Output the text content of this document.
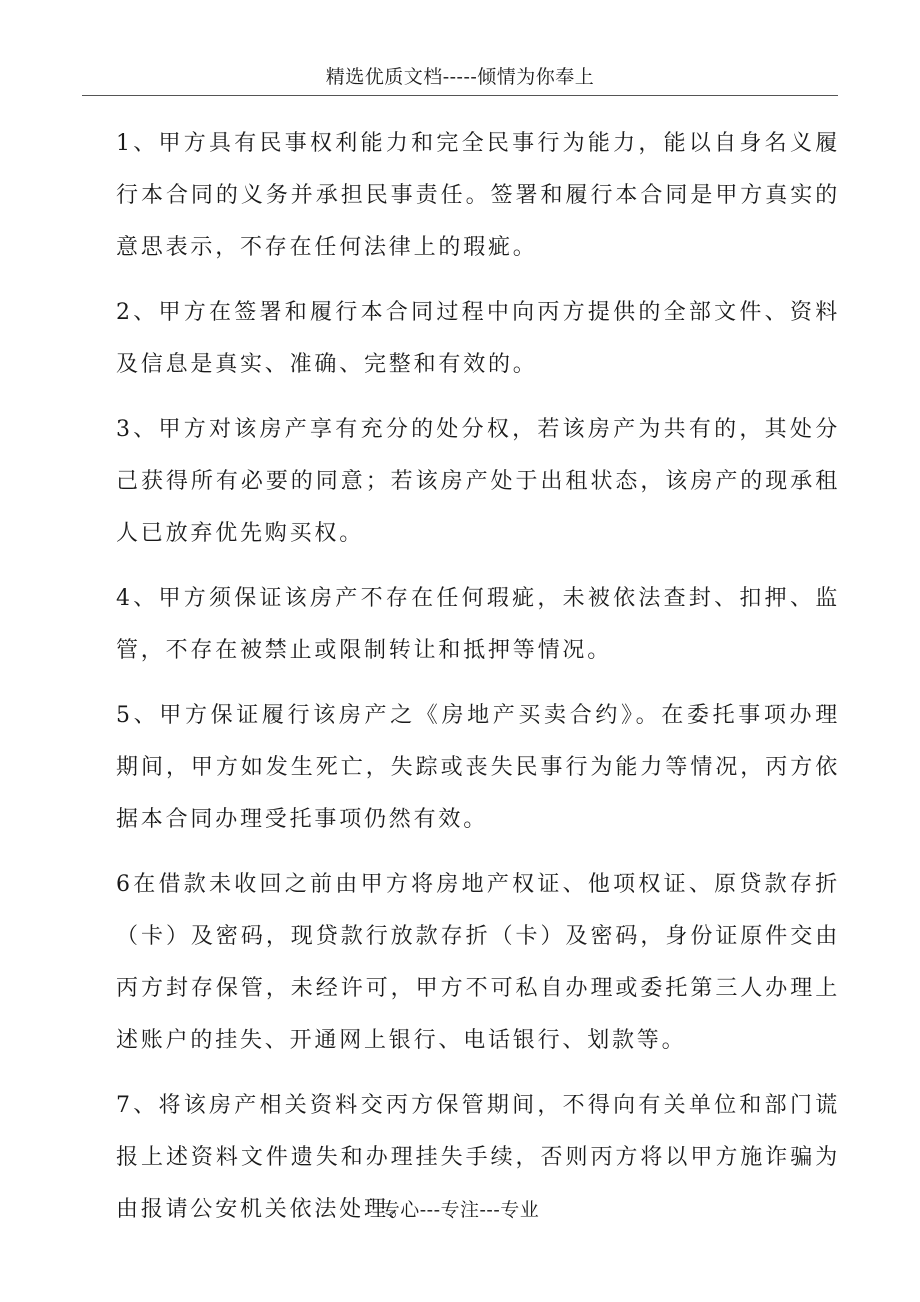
精选优质文档-----倾情为你奉上

1、甲方具有民事权利能力和完全民事行为能力，能以自身名义履行本合同的义务并承担民事责任。签署和履行本合同是甲方真实的意思表示，不存在任何法律上的瑕疵。

2、甲方在签署和履行本合同过程中向丙方提供的全部文件、资料及信息是真实、准确、完整和有效的。

3、甲方对该房产享有充分的处分权，若该房产为共有的，其处分己获得所有必要的同意；若该房产处于出租状态，该房产的现承租人已放弃优先购买权。

4、甲方须保证该房产不存在任何瑕疵，未被依法查封、扣押、监管，不存在被禁止或限制转让和抵押等情况。

5、甲方保证履行该房产之《房地产买卖合约》。在委托事项办理期间，甲方如发生死亡，失踪或丧失民事行为能力等情况，丙方依据本合同办理受托事项仍然有效。

6在借款未收回之前由甲方将房地产权证、他项权证、原贷款存折（卡）及密码，现贷款行放款存折（卡）及密码，身份证原件交由丙方封存保管，未经许可，甲方不可私自办理或委托第三人办理上述账户的挂失、开通网上银行、电话银行、划款等。

7、将该房产相关资料交丙方保管期间，不得向有关单位和部门谎报上述资料文件遗失和办理挂失手续，否则丙方将以甲方施诈骗为由报请公安机关依法处理。

专心---专注---专业
